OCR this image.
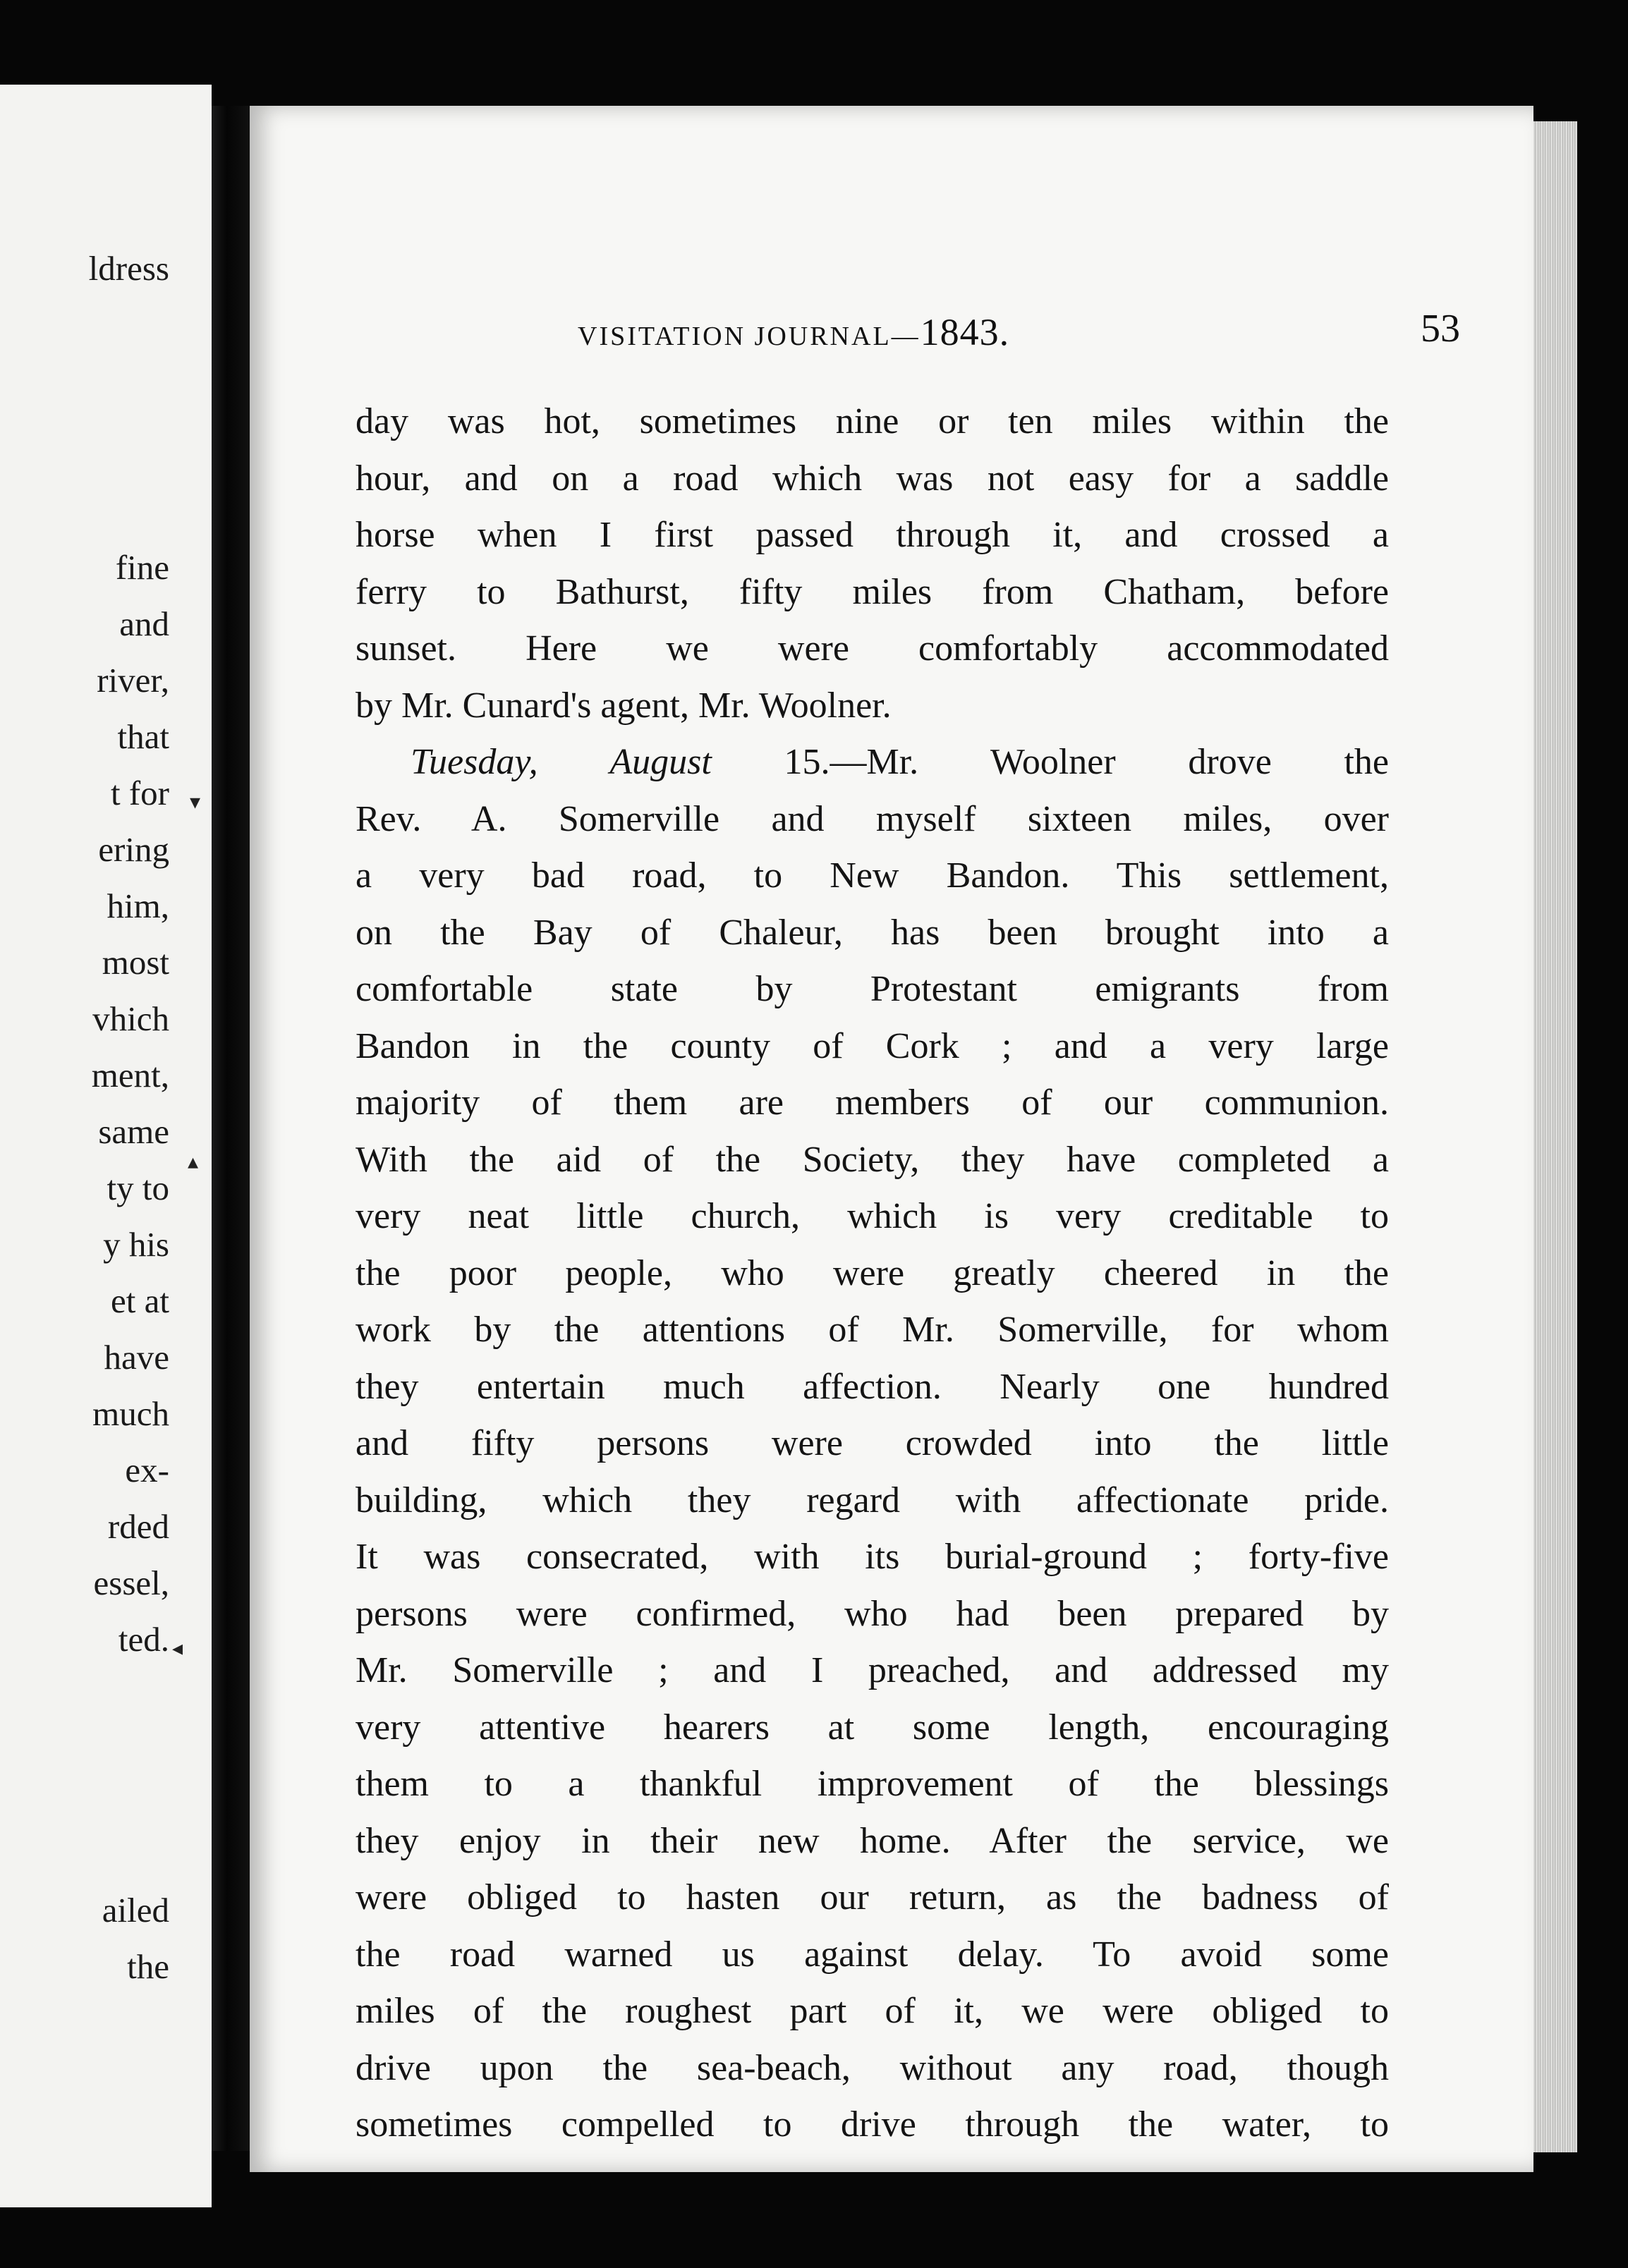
ldress
fine
and
river,
that
t for
ering
him,
most
vhich
ment,
same
ty to
y his
et at
have
much
ex-
rded
essel,
ted.
ailed
the
VISITATION JOURNAL—1843.	53
day was hot, sometimes nine or ten miles within the
hour, and on a road which was not easy for a saddle
horse when I first passed through it, and crossed a
ferry to Bathurst, fifty miles from Chatham, before
sunset. Here we were comfortably accommodated
by Mr. Cunard's agent, Mr. Woolner.
Tuesday, August 15.—Mr. Woolner drove the
Rev. A. Somerville and myself sixteen miles, over
a very bad road, to New Bandon. This settlement,
on the Bay of Chaleur, has been brought into a
comfortable state by Protestant emigrants from
Bandon in the county of Cork ; and a very large
majority of them are members of our communion.
With the aid of the Society, they have completed a
very neat little church, which is very creditable to
the poor people, who were greatly cheered in the
work by the attentions of Mr. Somerville, for whom
they entertain much affection. Nearly one hundred
and fifty persons were crowded into the little
building, which they regard with affectionate pride.
It was consecrated, with its burial-ground ; forty-five
persons were confirmed, who had been prepared by
Mr. Somerville ; and I preached, and addressed my
very attentive hearers at some length, encouraging
them to a thankful improvement of the blessings
they enjoy in their new home. After the service, we
were obliged to hasten our return, as the badness of
the road warned us against delay. To avoid some
miles of the roughest part of it, we were obliged to
drive upon the sea-beach, without any road, though
sometimes compelled to drive through the water, to
▾
▴
◂
